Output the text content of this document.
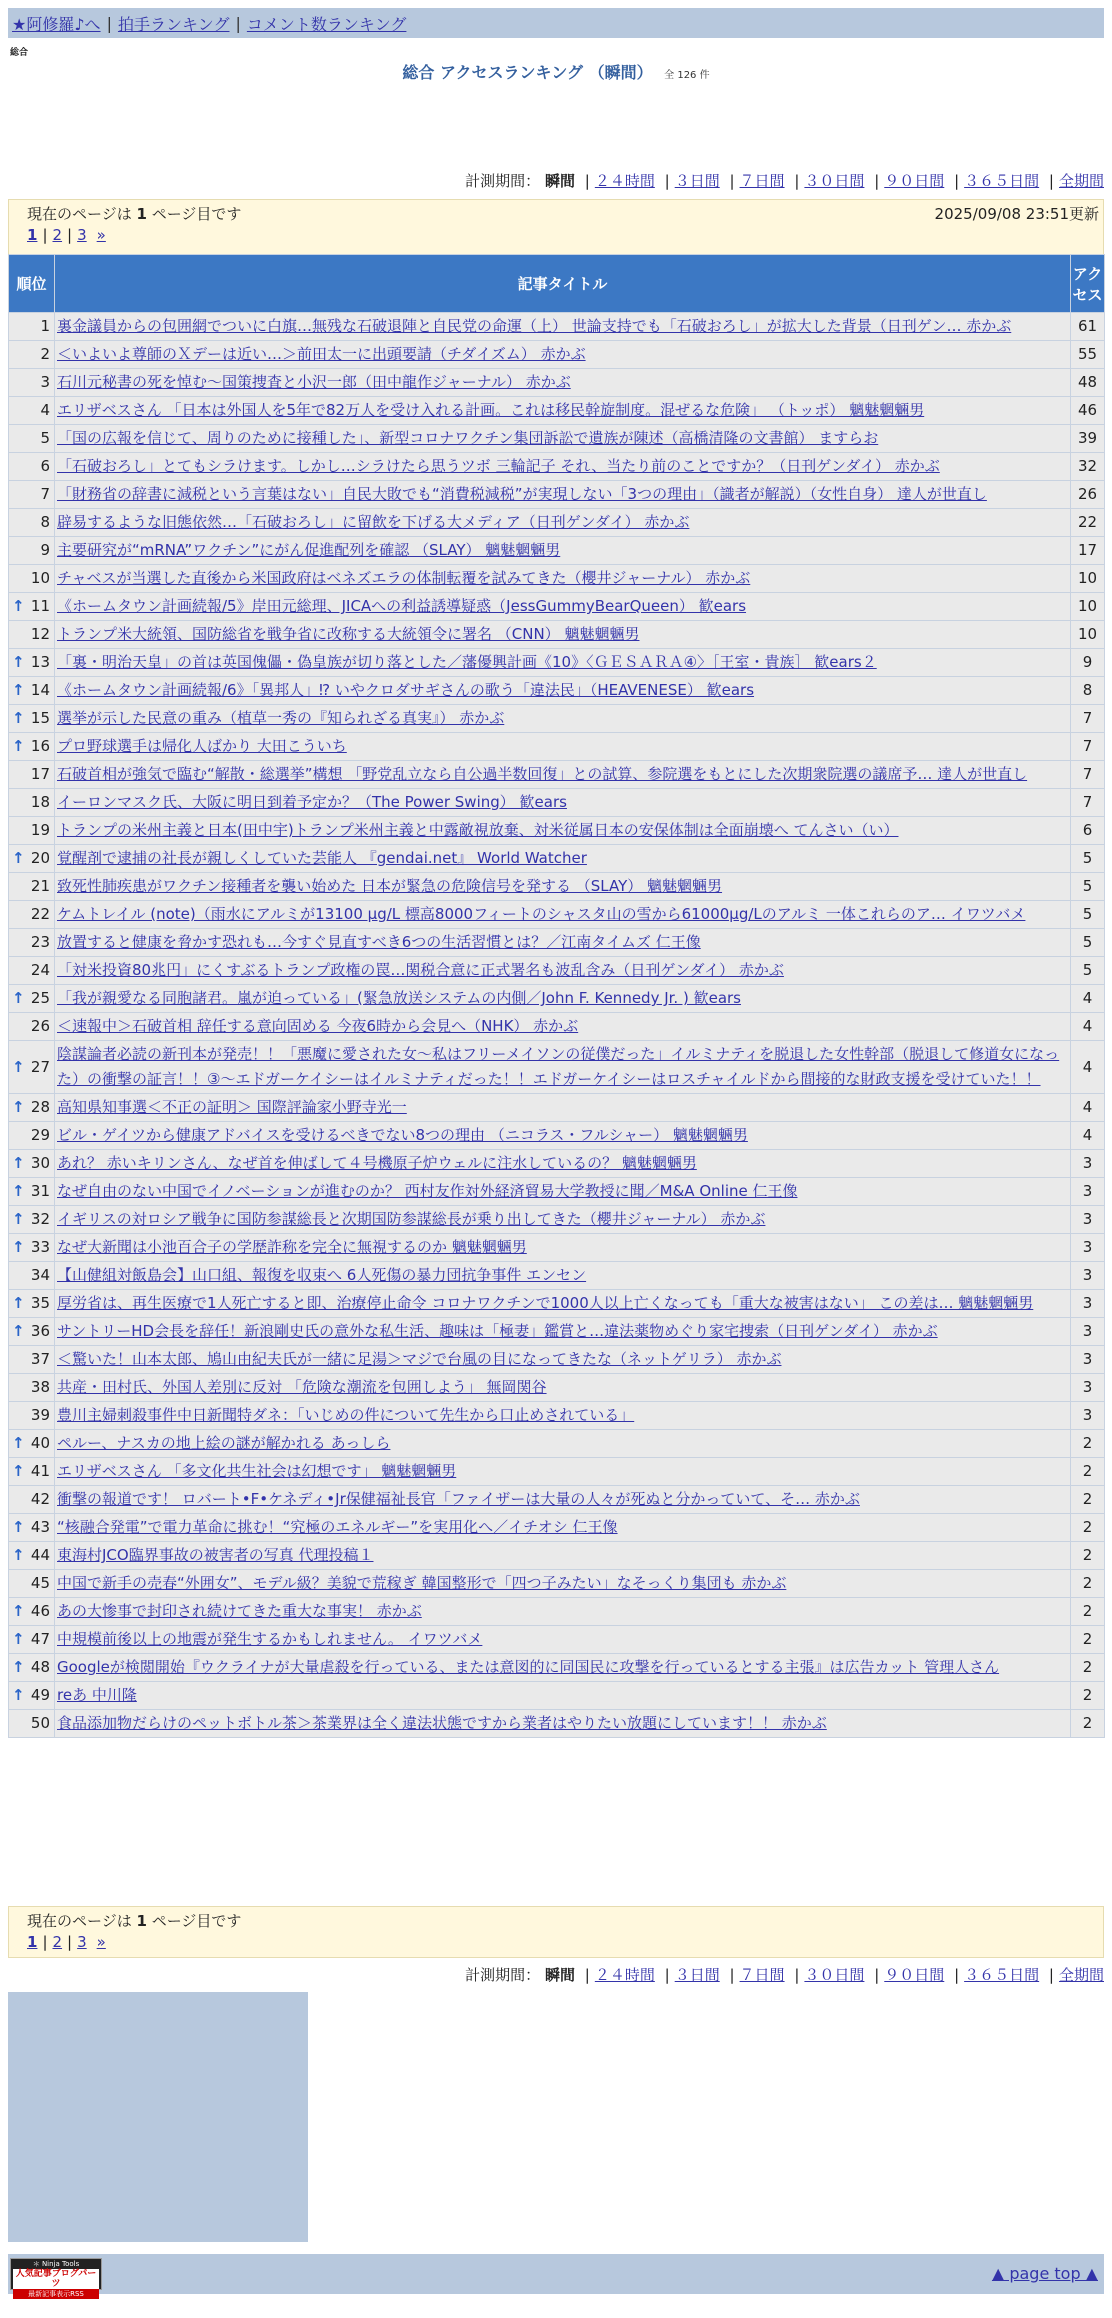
★阿修羅♪へ | 拍手ランキング | コメント数ランキング
総合
総合 アクセスランキング （瞬間） 全 126 件
計測期間： 瞬間 | ２４時間 | ３日間 | ７日間 | ３０日間 | ９０日間 | ３６５日間 | 全期間
現在のページは 1 ページ目です	2025/09/08 23:51更新
1 | 2 | 3 »
順位	記事タイトル	アクセス
1	裏金議員からの包囲網でついに白旗…無残な石破退陣と自民党の命運（上） 世論支持でも「石破おろし」が拡大した背景（日刊ゲン… 赤かぶ	61
2	＜いよいよ尊師のＸデーは近い…＞前田太一に出頭要請（チダイズム） 赤かぶ	55
3	石川元秘書の死を悼む〜国策捜査と小沢一郎（田中龍作ジャーナル） 赤かぶ	48
4	エリザベスさん 「日本は外国人を5年で82万人を受け入れる計画。これは移民幹旋制度。混ぜるな危険」 （トッポ） 魑魅魍魎男	46
5	「国の広報を信じて、周りのために接種した」、新型コロナワクチン集団訴訟で遺族が陳述（高橋清隆の文書館） ますらお	39
6	「石破おろし」とてもシラけます。しかし…シラけたら思うツボ 三輪記子 それ、当たり前のことですか？（日刊ゲンダイ） 赤かぶ	32
7	「財務省の辞書に減税という言葉はない」自民大敗でも“消費税減税”が実現しない「3つの理由」（識者が解説）（女性自身） 達人が世直し	26
8	辟易するような旧態依然…「石破おろし」に留飲を下げる大メディア（日刊ゲンダイ） 赤かぶ	22
9	主要研究が“mRNA”ワクチン”にがん促進配列を確認 （SLAY） 魑魅魍魎男	17
10	チャベスが当選した直後から米国政府はベネズエラの体制転覆を試みてきた（櫻井ジャーナル） 赤かぶ	10

↑ 11	《ホームタウン計画続報/5》岸田元総理、JICAへの利益誘導疑惑（JessGummyBearQueen） 歓ears	10
12	トランプ米大統領、国防総省を戦争省に改称する大統領令に署名 （CNN） 魑魅魍魎男	10

↑ 13	「裏・明治天皇」の首は英国傀儡・偽皇族が切り落とした／藩優興計画《10》〈ＧＥＳＡＲＡ④〉［王室・貴族］ 歓ears２	9

↑ 14	《ホームタウン計画続報/6》「異邦人」⁉ いやクロダサギさんの歌う「違法民」（HEAVENESE） 歓ears	8

↑ 15	選挙が示した民意の重み（植草一秀の『知られざる真実』） 赤かぶ	7

↑ 16	プロ野球選手は帰化人ばかり 大田こういち	7
17	石破首相が強気で臨む“解散・総選挙”構想 「野党乱立なら自公過半数回復」との試算、参院選をもとにした次期衆院選の議席予… 達人が世直し	7
18	イーロンマスク氏、大阪に明日到着予定か？（The Power Swing） 歓ears	7
19	トランプの米州主義と日本(田中宇)トランプ米州主義と中露敵視放棄、対米従属日本の安保体制は全面崩壊へ てんさい（い）	6

↑ 20	覚醒剤で逮捕の社長が親しくしていた芸能人 『gendai.net』 World Watcher	5
21	致死性肺疾患がワクチン接種者を襲い始めた 日本が緊急の危険信号を発する （SLAY） 魑魅魍魎男	5
22	ケムトレイル (note)（雨水にアルミが13100 μg/L 標高8000フィートのシャスタ山の雪から61000μg/Lのアルミ 一体これらのア… イワツバメ	5
23	放置すると健康を脅かす恐れも…今すぐ見直すべき6つの生活習慣とは？／江南タイムズ 仁王像	5
24	「対米投資80兆円」にくすぶるトランプ政権の罠…関税合意に正式署名も波乱含み（日刊ゲンダイ） 赤かぶ	5

↑ 25	「我が親愛なる同胞諸君。嵐が迫っている」(緊急放送システムの内側／John F. Kennedy Jr. ) 歓ears	4
26	＜速報中＞石破首相 辞任する意向固める 今夜6時から会見へ（NHK） 赤かぶ	4

↑ 27	陰謀論者必読の新刊本が発売！！「悪魔に愛された女〜私はフリーメイソンの従僕だった」イルミナティを脱退した女性幹部（脱退して修道女になった）の衝撃の証言！！③〜エドガーケイシーはイルミナティだった！！エドガーケイシーはロスチャイルドから間接的な財政支援を受けていた！！	4

↑ 28	高知県知事選＜不正の証明＞ 国際評論家小野寺光一	4
29	ビル・ゲイツから健康アドバイスを受けるべきでない8つの理由 （ニコラス・フルシャー） 魑魅魍魎男	4

↑ 30	あれ？ 赤いキリンさん、なぜ首を伸ばして４号機原子炉ウェルに注水しているの？ 魑魅魍魎男	3

↑ 31	なぜ自由のない中国でイノベーションが進むのか？ 西村友作対外経済貿易大学教授に聞／M&A Online 仁王像	3

↑ 32	イギリスの対ロシア戦争に国防参謀総長と次期国防参謀総長が乗り出してきた（櫻井ジャーナル） 赤かぶ	3

↑ 33	なぜ大新聞は小池百合子の学歴詐称を完全に無視するのか 魑魅魍魎男	3
34	【山健組対飯島会】山口組、報復を収束へ 6人死傷の暴力団抗争事件 エンセン	3

↑ 35	厚労省は、再生医療で1人死亡すると即、治療停止命令 コロナワクチンで1000人以上亡くなっても「重大な被害はない」 この差は… 魑魅魍魎男	3

↑ 36	サントリーHD会長を辞任！新浪剛史氏の意外な私生活、趣味は「極妻」鑑賞と…違法薬物めぐり家宅捜索（日刊ゲンダイ） 赤かぶ	3
37	＜驚いた！山本太郎、鳩山由紀夫氏が一緒に足湯＞マジで台風の目になってきたな（ネットゲリラ） 赤かぶ	3
38	共産・田村氏、外国人差別に反対 「危険な潮流を包囲しよう」 無岡関谷	3
39	豊川主婦刺殺事件中日新聞特ダネ：「いじめの件について先生から口止めされている」	3

↑ 40	ペルー、ナスカの地上絵の謎が解かれる あっしら	2

↑ 41	エリザベスさん 「多文化共生社会は幻想です」 魑魅魍魎男	2
42	衝撃の報道です！ ロバート•F•ケネディ•Jr保健福祉長官「ファイザーは大量の人々が死ぬと分かっていて、そ… 赤かぶ	2

↑ 43	“核融合発電”で電力革命に挑む！“究極のエネルギー”を実用化へ／イチオシ 仁王像	2

↑ 44	東海村JCO臨界事故の被害者の写真 代理投稿１	2
45	中国で新手の売春“外囲女”、モデル級？美貌で荒稼ぎ 韓国整形で「四つ子みたい」なそっくり集団も 赤かぶ	2

↑ 46	あの大惨事で封印され続けてきた重大な事実！ 赤かぶ	2

↑ 47	中規模前後以上の地震が発生するかもしれません。 イワツバメ	2

↑ 48	Googleが検閲開始『ウクライナが大量虐殺を行っている、または意図的に同国民に攻撃を行っているとする主張』は広告カット 管理人さん	2

↑ 49	reあ 中川隆	2
50	食品添加物だらけのペットボトル茶＞茶業界は全く違法状態ですから業者はやりたい放題にしています！！ 赤かぶ	2
現在のページは 1 ページ目です
1 | 2 | 3 »
計測期間： 瞬間 | ２４時間 | ３日間 | ７日間 | ３０日間 | ９０日間 | ３６５日間 | 全期間
＊ Ninja Tools
人気記事ブログパーツ
最新記事表示RSS
▲ page top ▲
